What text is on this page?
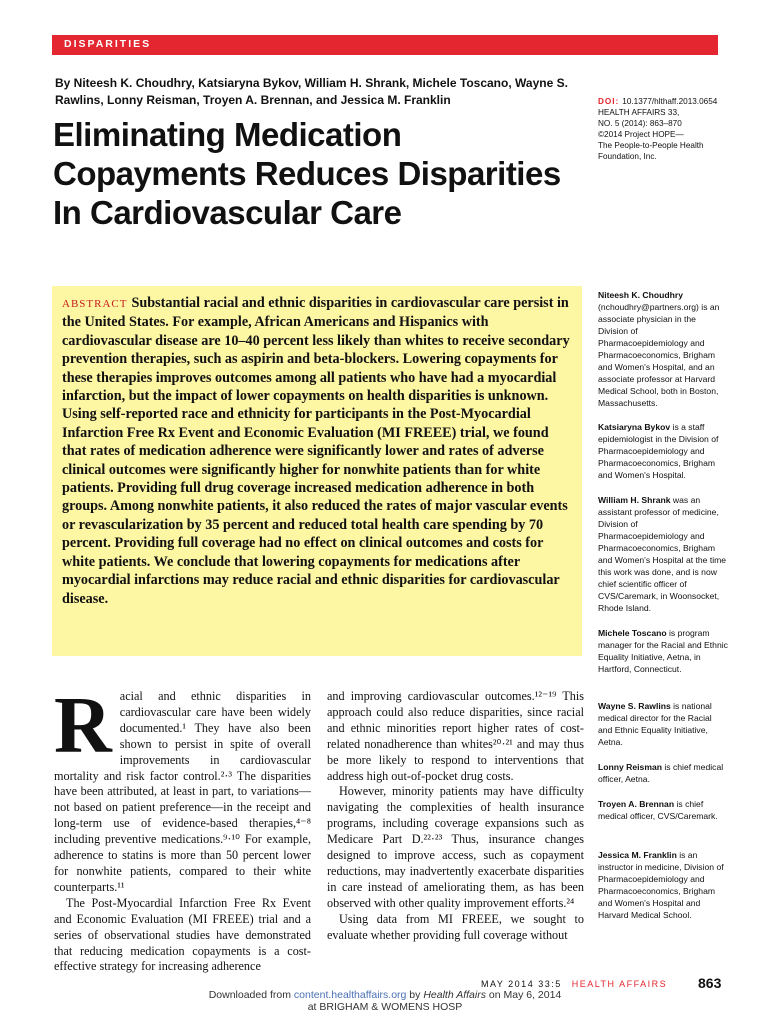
DISPARITIES
By Niteesh K. Choudhry, Katsiaryna Bykov, William H. Shrank, Michele Toscano, Wayne S. Rawlins, Lonny Reisman, Troyen A. Brennan, and Jessica M. Franklin
Eliminating Medication Copayments Reduces Disparities In Cardiovascular Care
DOI: 10.1377/hlthaff.2013.0654
HEALTH AFFAIRS 33,
NO. 5 (2014): 863–870
©2014 Project HOPE—
The People-to-People Health Foundation, Inc.

ABSTRACT Substantial racial and ethnic disparities in cardiovascular care persist in the United States. For example, African Americans and Hispanics with cardiovascular disease are 10–40 percent less likely than whites to receive secondary prevention therapies, such as aspirin and beta-blockers. Lowering copayments for these therapies improves outcomes among all patients who have had a myocardial infarction, but the impact of lower copayments on health disparities is unknown. Using self-reported race and ethnicity for participants in the Post-Myocardial Infarction Free Rx Event and Economic Evaluation (MI FREEE) trial, we found that rates of medication adherence were significantly lower and rates of adverse clinical outcomes were significantly higher for nonwhite patients than for white patients. Providing full drug coverage increased medication adherence in both groups. Among nonwhite patients, it also reduced the rates of major vascular events or revascularization by 35 percent and reduced total health care spending by 70 percent. Providing full coverage had no effect on clinical outcomes and costs for white patients. We conclude that lowering copayments for medications after myocardial infarctions may reduce racial and ethnic disparities for cardiovascular disease.

Racial and ethnic disparities in cardiovascular care have been widely documented.¹ They have also been shown to persist in spite of overall improvements in cardiovascular mortality and risk factor control.²·³ The disparities have been attributed, at least in part, to variations—not based on patient preference—in the receipt and long-term use of evidence-based therapies,⁴⁻⁸ including preventive medications.⁹·¹⁰ For example, adherence to statins is more than 50 percent lower for nonwhite patients, compared to their white counterparts.¹¹

The Post-Myocardial Infarction Free Rx Event and Economic Evaluation (MI FREEE) trial and a series of observational studies have demonstrated that reducing medication copayments is a cost-effective strategy for increasing adherence

and improving cardiovascular outcomes.¹²⁻¹⁹ This approach could also reduce disparities, since racial and ethnic minorities report higher rates of cost-related nonadherence than whites²⁰·²¹ and may thus be more likely to respond to interventions that address high out-of-pocket drug costs.

However, minority patients may have difficulty navigating the complexities of health insurance programs, including coverage expansions such as Medicare Part D.²²·²³ Thus, insurance changes designed to improve access, such as copayment reductions, may inadvertently exacerbate disparities in care instead of ameliorating them, as has been observed with other quality improvement efforts.²⁴

Using data from MI FREEE, we sought to evaluate whether providing full coverage without

Niteesh K. Choudhry (nchoudhry@partners.org) is an associate physician in the Division of Pharmacoepidemiology and Pharmacoeconomics, Brigham and Women's Hospital, and an associate professor at Harvard Medical School, both in Boston, Massachusetts.
Katsiaryna Bykov is a staff epidemiologist in the Division of Pharmacoepidemiology and Pharmacoeconomics, Brigham and Women's Hospital.
William H. Shrank was an assistant professor of medicine, Division of Pharmacoepidemiology and Pharmacoeconomics, Brigham and Women's Hospital at the time this work was done, and is now chief scientific officer of CVS/Caremark, in Woonsocket, Rhode Island.
Michele Toscano is program manager for the Racial and Ethnic Equality Initiative, Aetna, in Hartford, Connecticut.
Wayne S. Rawlins is national medical director for the Racial and Ethnic Equality Initiative, Aetna.
Lonny Reisman is chief medical officer, Aetna.
Troyen A. Brennan is chief medical officer, CVS/Caremark.
Jessica M. Franklin is an instructor in medicine, Division of Pharmacoepidemiology and Pharmacoeconomics, Brigham and Women's Hospital and Harvard Medical School.
MAY 2014 33:5 HEALTH AFFAIRS 863
Downloaded from content.healthaffairs.org by Health Affairs on May 6, 2014
at BRIGHAM & WOMENS HOSP
